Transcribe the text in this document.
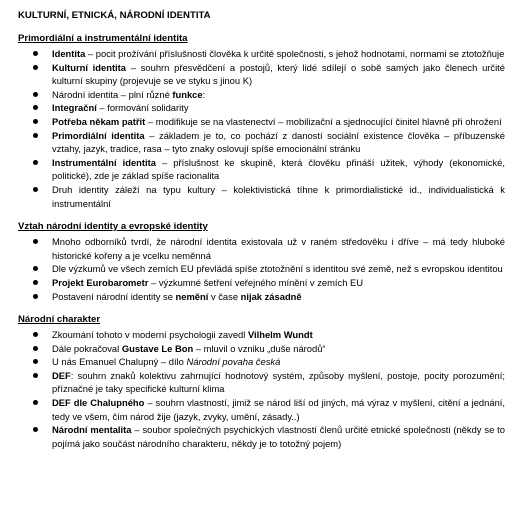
KULTURNÍ, ETNICKÁ, NÁRODNÍ IDENTITA
Primordiální a instrumentální identita
Identita – pocit prožívání příslušnosti člověka k určité společnosti, s jehož hodnotami, normami se ztotožňuje
Kulturní identita – souhrn přesvědčení a postojů, který lidé sdílejí o sobě samých jako členech určité kulturní skupiny (projevuje se ve styku s jinou K)
Národní identita – plní různé funkce:
Integrační – formování solidarity
Potřeba někam patřit – modifikuje se na vlastenectví – mobilizační a sjednocující činitel hlavně při ohrožení
Primordiální identita – základem je to, co pochází z daností sociální existence člověka – příbuzenské vztahy, jazyk, tradice, rasa – tyto znaky oslovují spíše emocionální stránku
Instrumentální identita – příslušnost ke skupině, která člověku přináší užitek, výhody (ekonomické, politické), zde je základ spíše racionalita
Druh identity záleží na typu kultury – kolektivistická tíhne k primordialistické id., individualistická k instrumentální
Vztah národní identity a evropské identity
Mnoho odborníků tvrdí, že národní identita existovala už v raném středověku i dříve – má tedy hluboké historické kořeny a je vcelku neměnná
Dle výzkumů ve všech zemích EU převládá spíše ztotožnění s identitou své země, než s evropskou identitou
Projekt Eurobarometr – výzkumné šetření veřejného mínění v zemích EU
Postavení národní identity se nemění v čase nijak zásadně
Národní charakter
Zkoumání tohoto v moderní psychologii zavedl Vilhelm Wundt
Dále pokračoval Gustave Le Bon – mluvil o vzniku „duše národů“
U nás Emanuel Chalupný – dílo Národní povaha česká
DEF: souhrn znaků kolektivu zahrnující hodnotový systém, způsoby myšlení, postoje, pocity porozumění; příznačné je taky specifické kulturní klima
DEF dle Chalupného – souhrn vlastností, jimiž se národ liší od jiných, má výraz v myšlení, citění a jednání, tedy ve všem, čím národ žije (jazyk, zvyky, umění, zásady..)
Národní mentalita – soubor společných psychických vlastností členů určité etnické společnosti (někdy se to pojímá jako součást národního charakteru, někdy je to totožný pojem)
